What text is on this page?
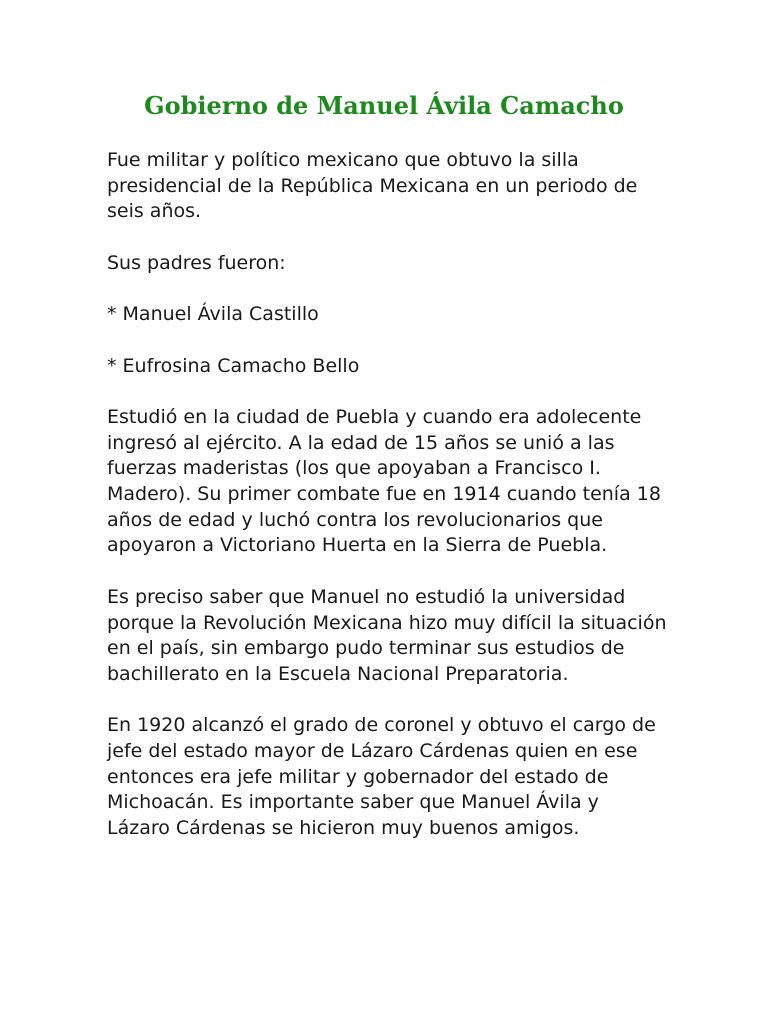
Gobierno de Manuel Ávila Camacho

Fue militar y político mexicano que obtuvo la silla presidencial de la República Mexicana en un periodo de seis años.

Sus padres fueron:

* Manuel Ávila Castillo

* Eufrosina Camacho Bello

Estudió en la ciudad de Puebla y cuando era adolecente ingresó al ejército. A la edad de 15 años se unió a las fuerzas maderistas (los que apoyaban a Francisco I. Madero). Su primer combate fue en 1914 cuando tenía 18 años de edad y luchó contra los revolucionarios que apoyaron a Victoriano Huerta en la Sierra de Puebla.

Es preciso saber que Manuel no estudió la universidad porque la Revolución Mexicana hizo muy difícil la situación en el país, sin embargo pudo terminar sus estudios de bachillerato en la Escuela Nacional Preparatoria.

En 1920 alcanzó el grado de coronel y obtuvo el cargo de jefe del estado mayor de Lázaro Cárdenas quien en ese entonces era jefe militar y gobernador del estado de Michoacán. Es importante saber que Manuel Ávila y Lázaro Cárdenas se hicieron muy buenos amigos.
